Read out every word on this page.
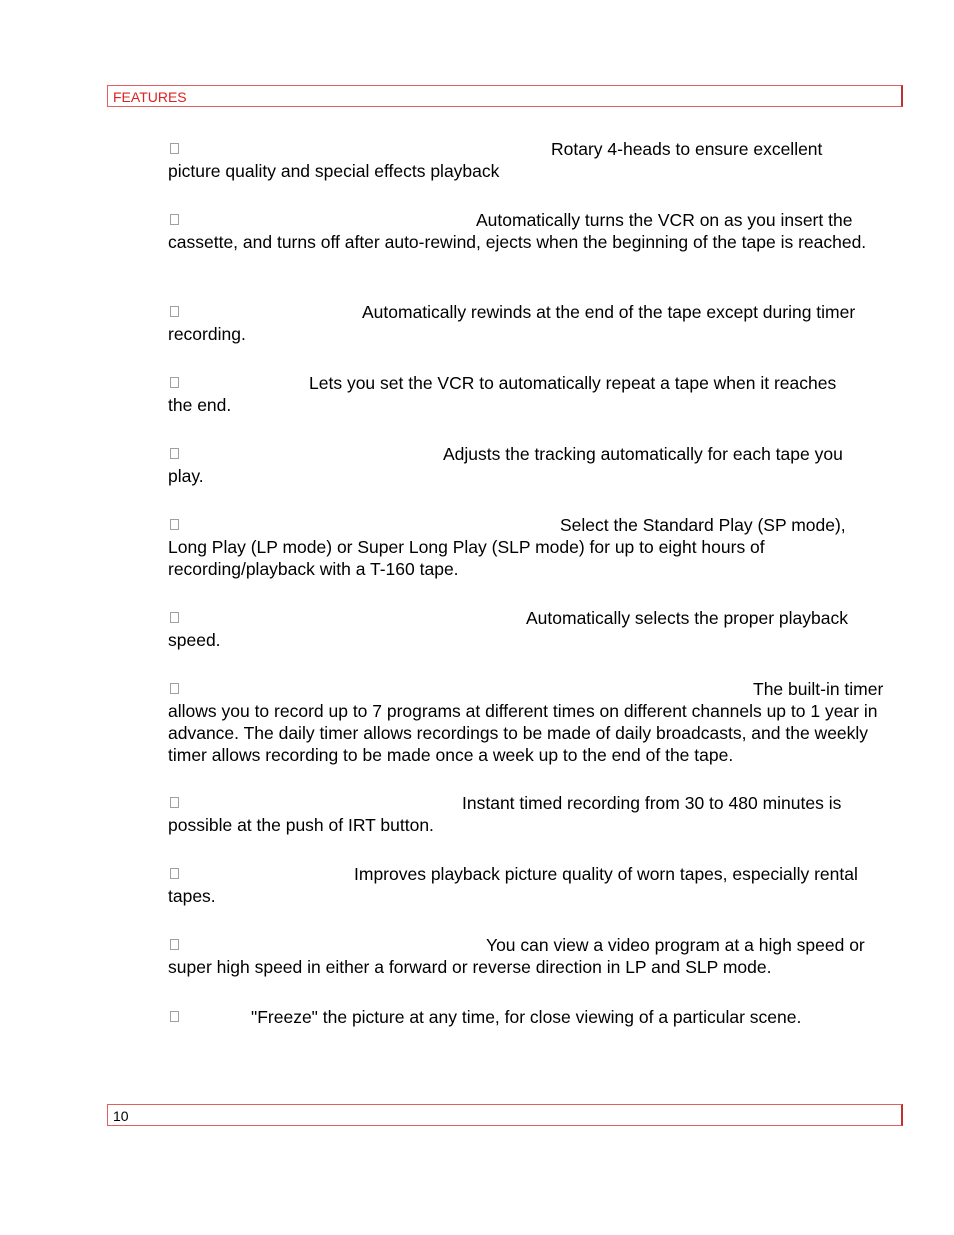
FEATURES
Rotary 4-heads to ensure excellent
picture quality and special effects playback
Automatically turns the VCR on as you insert the
cassette, and turns off after auto-rewind, ejects when the beginning of the tape is reached.
Automatically rewinds at the end of the tape except during timer
recording.
Lets you set the VCR to automatically repeat a tape when it reaches
the end.
Adjusts the tracking automatically for each tape you
play.
Select the Standard Play (SP mode),
Long Play (LP mode) or Super Long Play (SLP mode) for up to eight hours of recording/playback with a T-160 tape.
Automatically selects the proper playback
speed.
The built-in timer
allows you to record up to 7 programs at different times on different channels up to 1 year in advance. The daily timer allows recordings to be made of daily broadcasts, and the weekly timer allows recording to be made once a week up to the end of the tape.
Instant timed recording from 30 to 480 minutes is
possible at the push of IRT button.
Improves playback picture quality of worn tapes, especially rental
tapes.
You can view a video program at a high speed or
super high speed in either a forward or reverse direction in LP and SLP mode.
"Freeze" the picture at any time, for close viewing of a particular scene.
10
